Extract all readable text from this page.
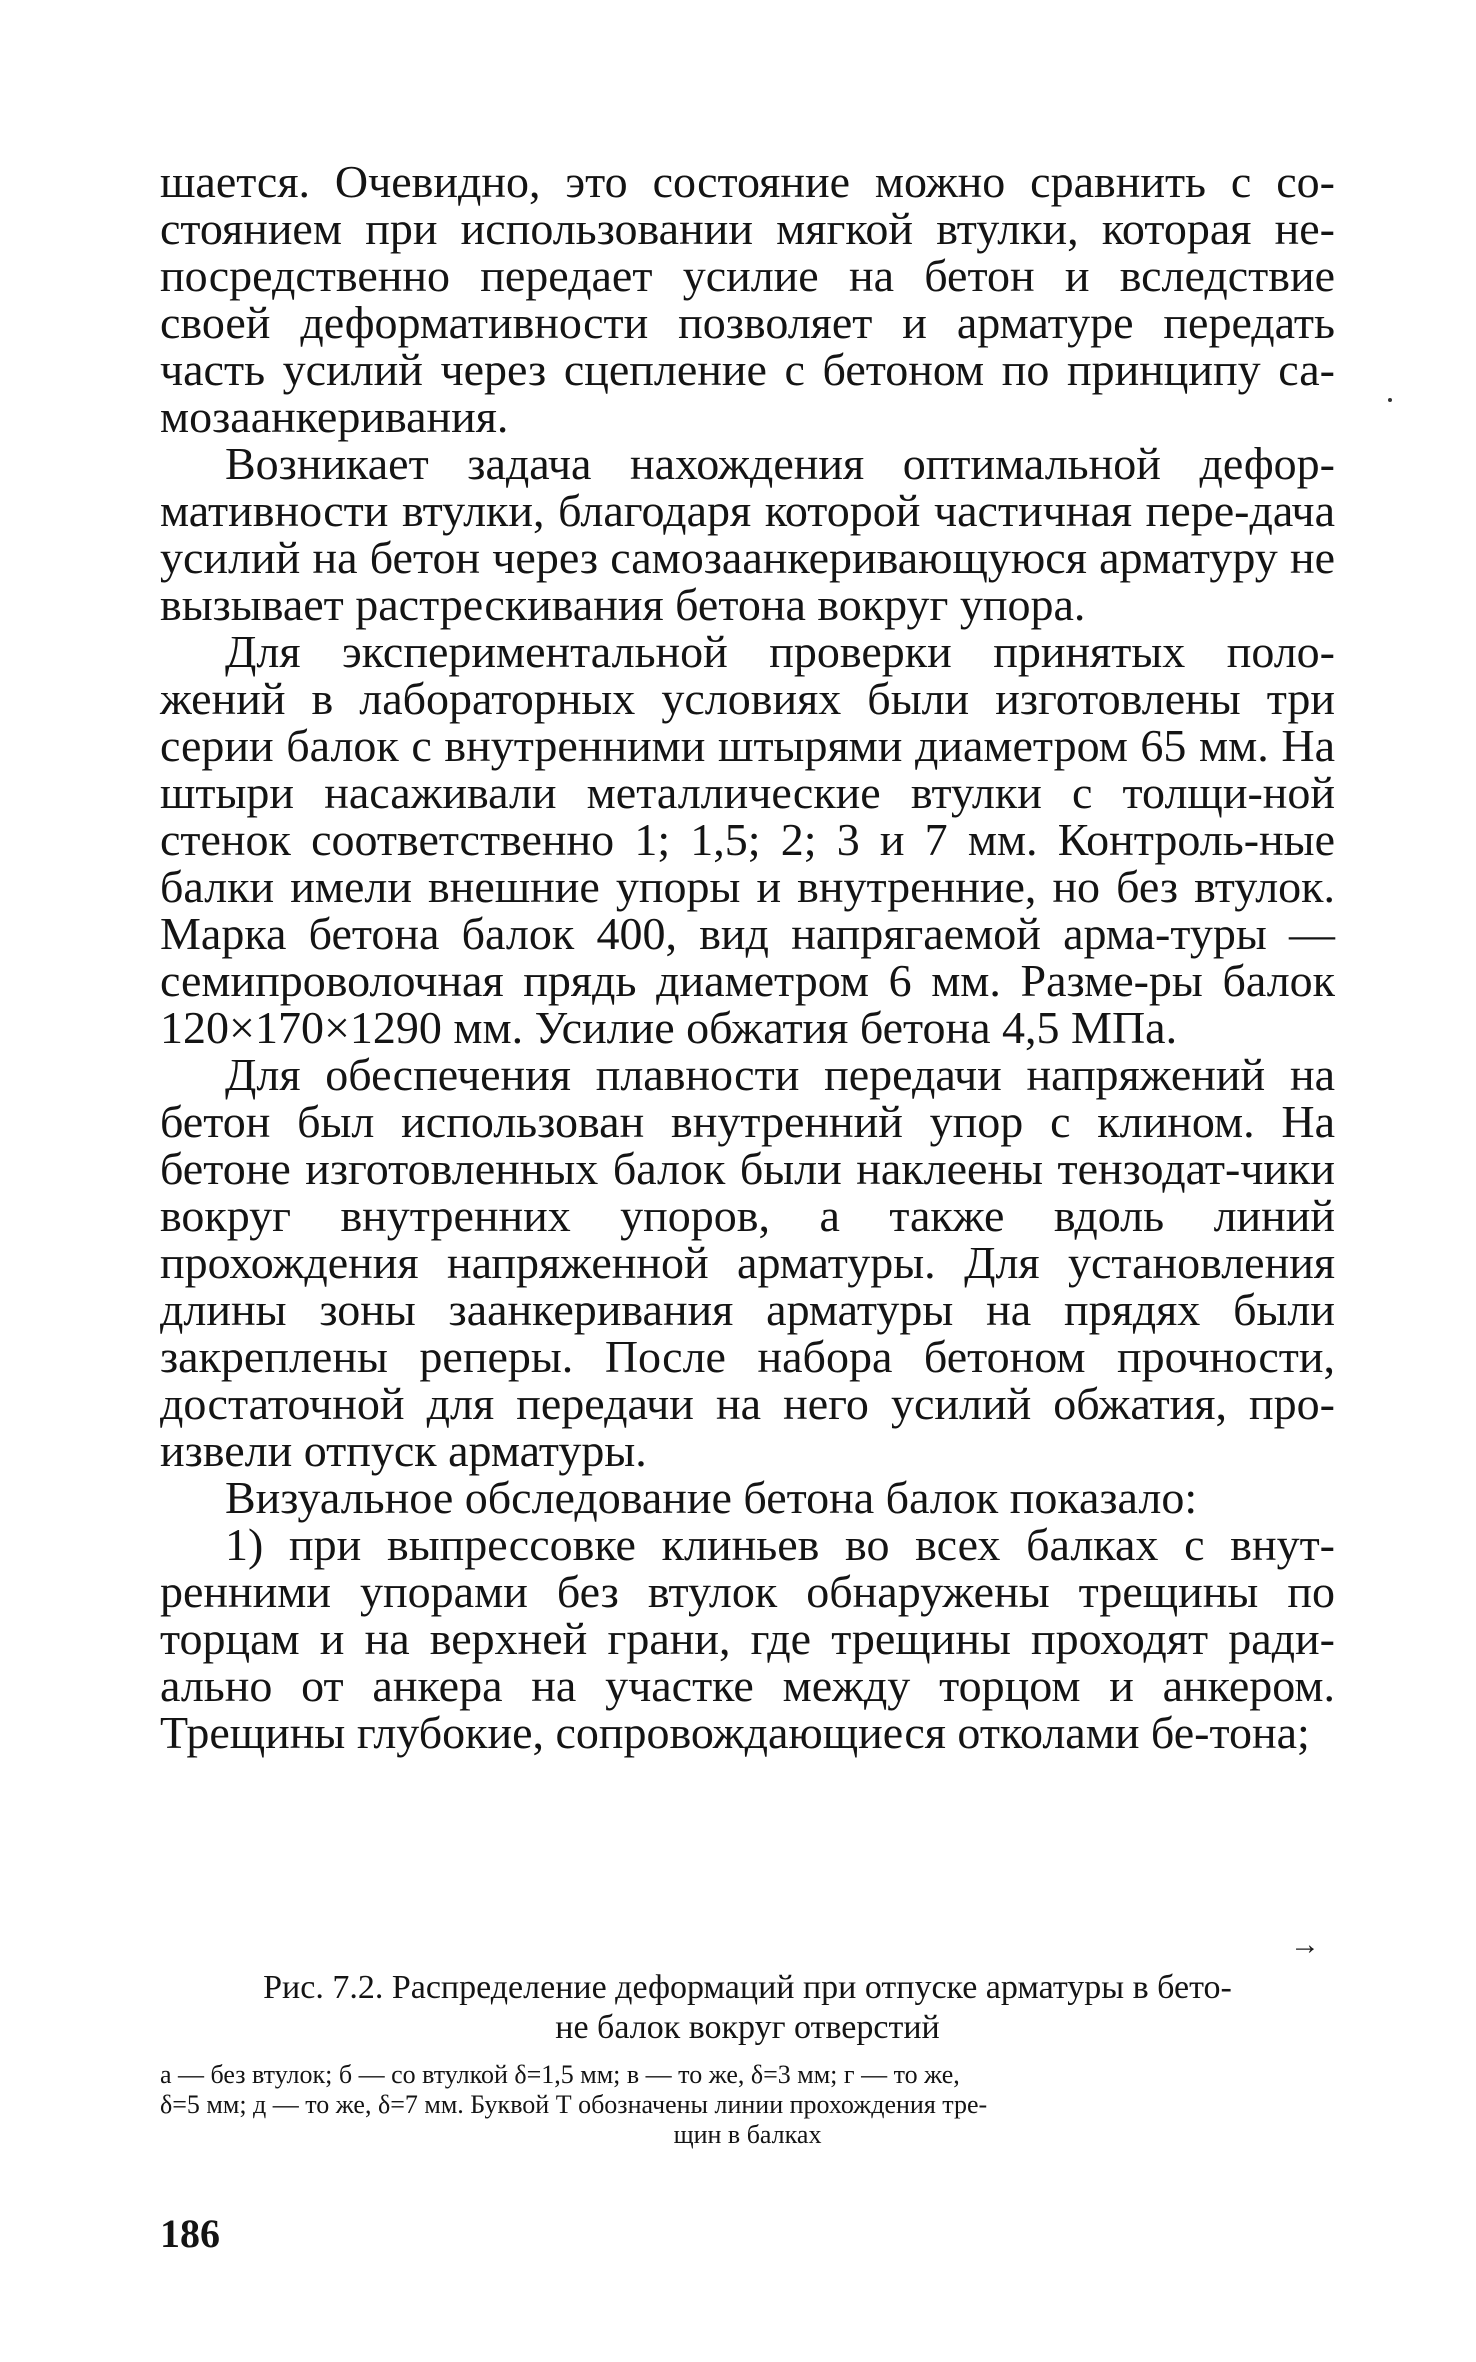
шается. Очевидно, это состояние можно сравнить с со-стоянием при использовании мягкой втулки, которая не-посредственно передает усилие на бетон и вследствие своей деформативности позволяет и арматуре передать часть усилий через сцепление с бетоном по принципу са-мозаанкеривания.

Возникает задача нахождения оптимальной дефор-мативности втулки, благодаря которой частичная пере-дача усилий на бетон через самозаанкеривающуюся арматуру не вызывает растрескивания бетона вокруг упора.

Для экспериментальной проверки принятых поло-жений в лабораторных условиях были изготовлены три серии балок с внутренними штырями диаметром 65 мм. На штыри насаживали металлические втулки с толщи-ной стенок соответственно 1; 1,5; 2; 3 и 7 мм. Контроль-ные балки имели внешние упоры и внутренние, но без втулок. Марка бетона балок 400, вид напрягаемой арма-туры — семипроволочная прядь диаметром 6 мм. Разме-ры балок 120×170×1290 мм. Усилие обжатия бетона 4,5 МПа.

Для обеспечения плавности передачи напряжений на бетон был использован внутренний упор с клином. На бетоне изготовленных балок были наклеены тензодат-чики вокруг внутренних упоров, а также вдоль линий прохождения напряженной арматуры. Для установления длины зоны заанкеривания арматуры на прядях были закреплены реперы. После набора бетоном прочности, достаточной для передачи на него усилий обжатия, про-извели отпуск арматуры.

Визуальное обследование бетона балок показало:

1) при выпрессовке клиньев во всех балках с внут-ренними упорами без втулок обнаружены трещины по торцам и на верхней грани, где трещины проходят ради-ально от анкера на участке между торцом и анкером. Трещины глубокие, сопровождающиеся отколами бе-тона;

→
Рис. 7.2. Распределение деформаций при отпуске арматуры в бето-
не балок вокруг отверстий
а — без втулок; б — со втулкой δ=1,5 мм; в — то же, δ=3 мм; г — то же,
δ=5 мм; д — то же, δ=7 мм. Буквой Т обозначены линии прохождения тре-
щин в балках
186
